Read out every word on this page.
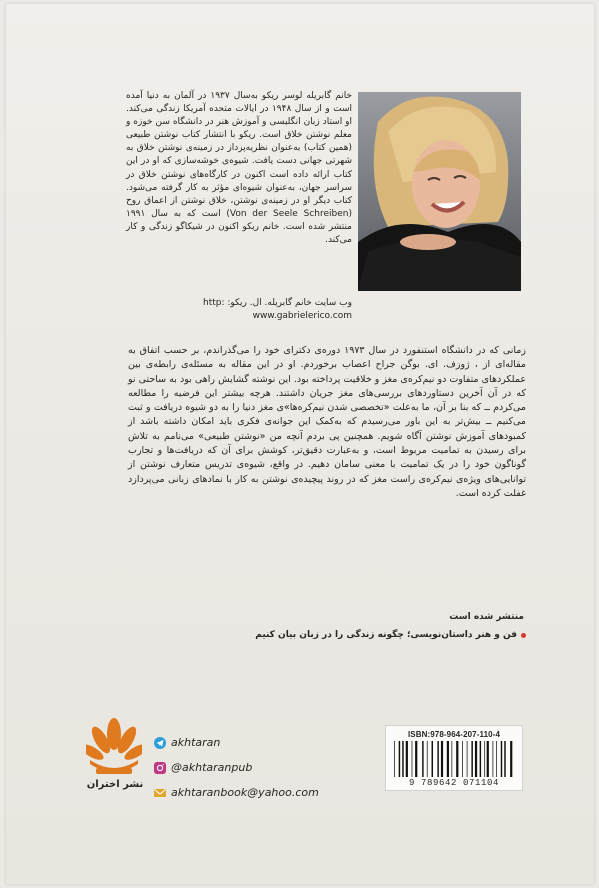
خانم گابریله لوسر ریکو به‌سال ۱۹۳۷ در آلمان به دنیا آمده است و از سال ۱۹۴۸ در ایالات متحده آمریکا زندگی می‌کند. او استاد زبان انگلیسی و آموزش هنر در دانشگاه سن خوزه و معلم نوشتن خلاق است. ریکو با انتشار کتاب نوشتن طبیعی (همین کتاب) به‌عنوان نظریه‌پرداز در زمینه‌ی نوشتن خلاق به شهرتی جهانی دست یافت. شیوه‌ی خوشه‌سازی که او در این کتاب ارائه داده است اکنون در کارگاه‌های نوشتن خلاق در سراسر جهان، به‌عنوان شیوه‌ای مؤثر به کار گرفته می‌شود. کتاب دیگر او در زمینه‌ی نوشتن، خلاق‌ نوشتن از اعماق روح (Von der Seele Schreiben) است که به سال ۱۹۹۱ منتشر شده است. خانم ریکو اکنون در شیکاگو زندگی و کار می‌کند.
وب سایت خانم گابریله. ال. ریکو: http: www.gabrielerico.com
زمانی که در دانشگاه استنفورد در سال ۱۹۷۳ دوره‌ی دکترای خود را می‌گذراندم، بر حسب اتفاق به مقاله‌ای از ، ژوزف. ای. بوگن جراح اعصاب برخوردم. او در این مقاله به مسئله‌ی رابطه‌ی بین عملکردهای متفاوت دو نیم‌کره‌ی مغز و خلاقیت پرداخته بود. این نوشته گشایش راهی بود به ساحتی نو که در آن آخرین دستاوردهای بررسی‌های مغز جریان داشتند. هرچه بیشتر این فرضیه را مطالعه می‌کردم ــ که بنا بر آن، ما به‌علت «تخصصی شدن نیم‌کره‌ها»ی مغز دنیا را به دو شیوه دریافت و ثبت می‌کنیم ــ بیش‌تر به این باور می‌رسیدم که به‌کمک این جوانه‌ی فکری باید امکان داشته باشد از کمبودهای آموزش نوشتن آگاه شویم. همچنین پی بردم آنچه من «نوشتن طبیعی» می‌نامم به تلاش برای رسیدن به تمامیت مربوط است، و به‌عبارت دقیق‌تر، کوشش برای آن که دریافت‌ها و تجارب گوناگون خود را در یک تمامیت با معنی سامان دهیم. در واقع، شیوه‌ی تدریس متعارف نوشتن از توانایی‌های ویژه‌ی نیم‌کره‌ی راست مغز که در روند پیچیده‌ی نوشتن به کار با نمادهای زبانی می‌پردازد غفلت کرده است.
منتشر شده است
فن و هنر داستان‌نویسی؛ چگونه زندگی را در زبان بیان کنیم
نشر اختران
akhtaran
@akhtaranpub
akhtaranbook@yahoo.com
ISBN:978-964-207-110-4
9 789642 071104
